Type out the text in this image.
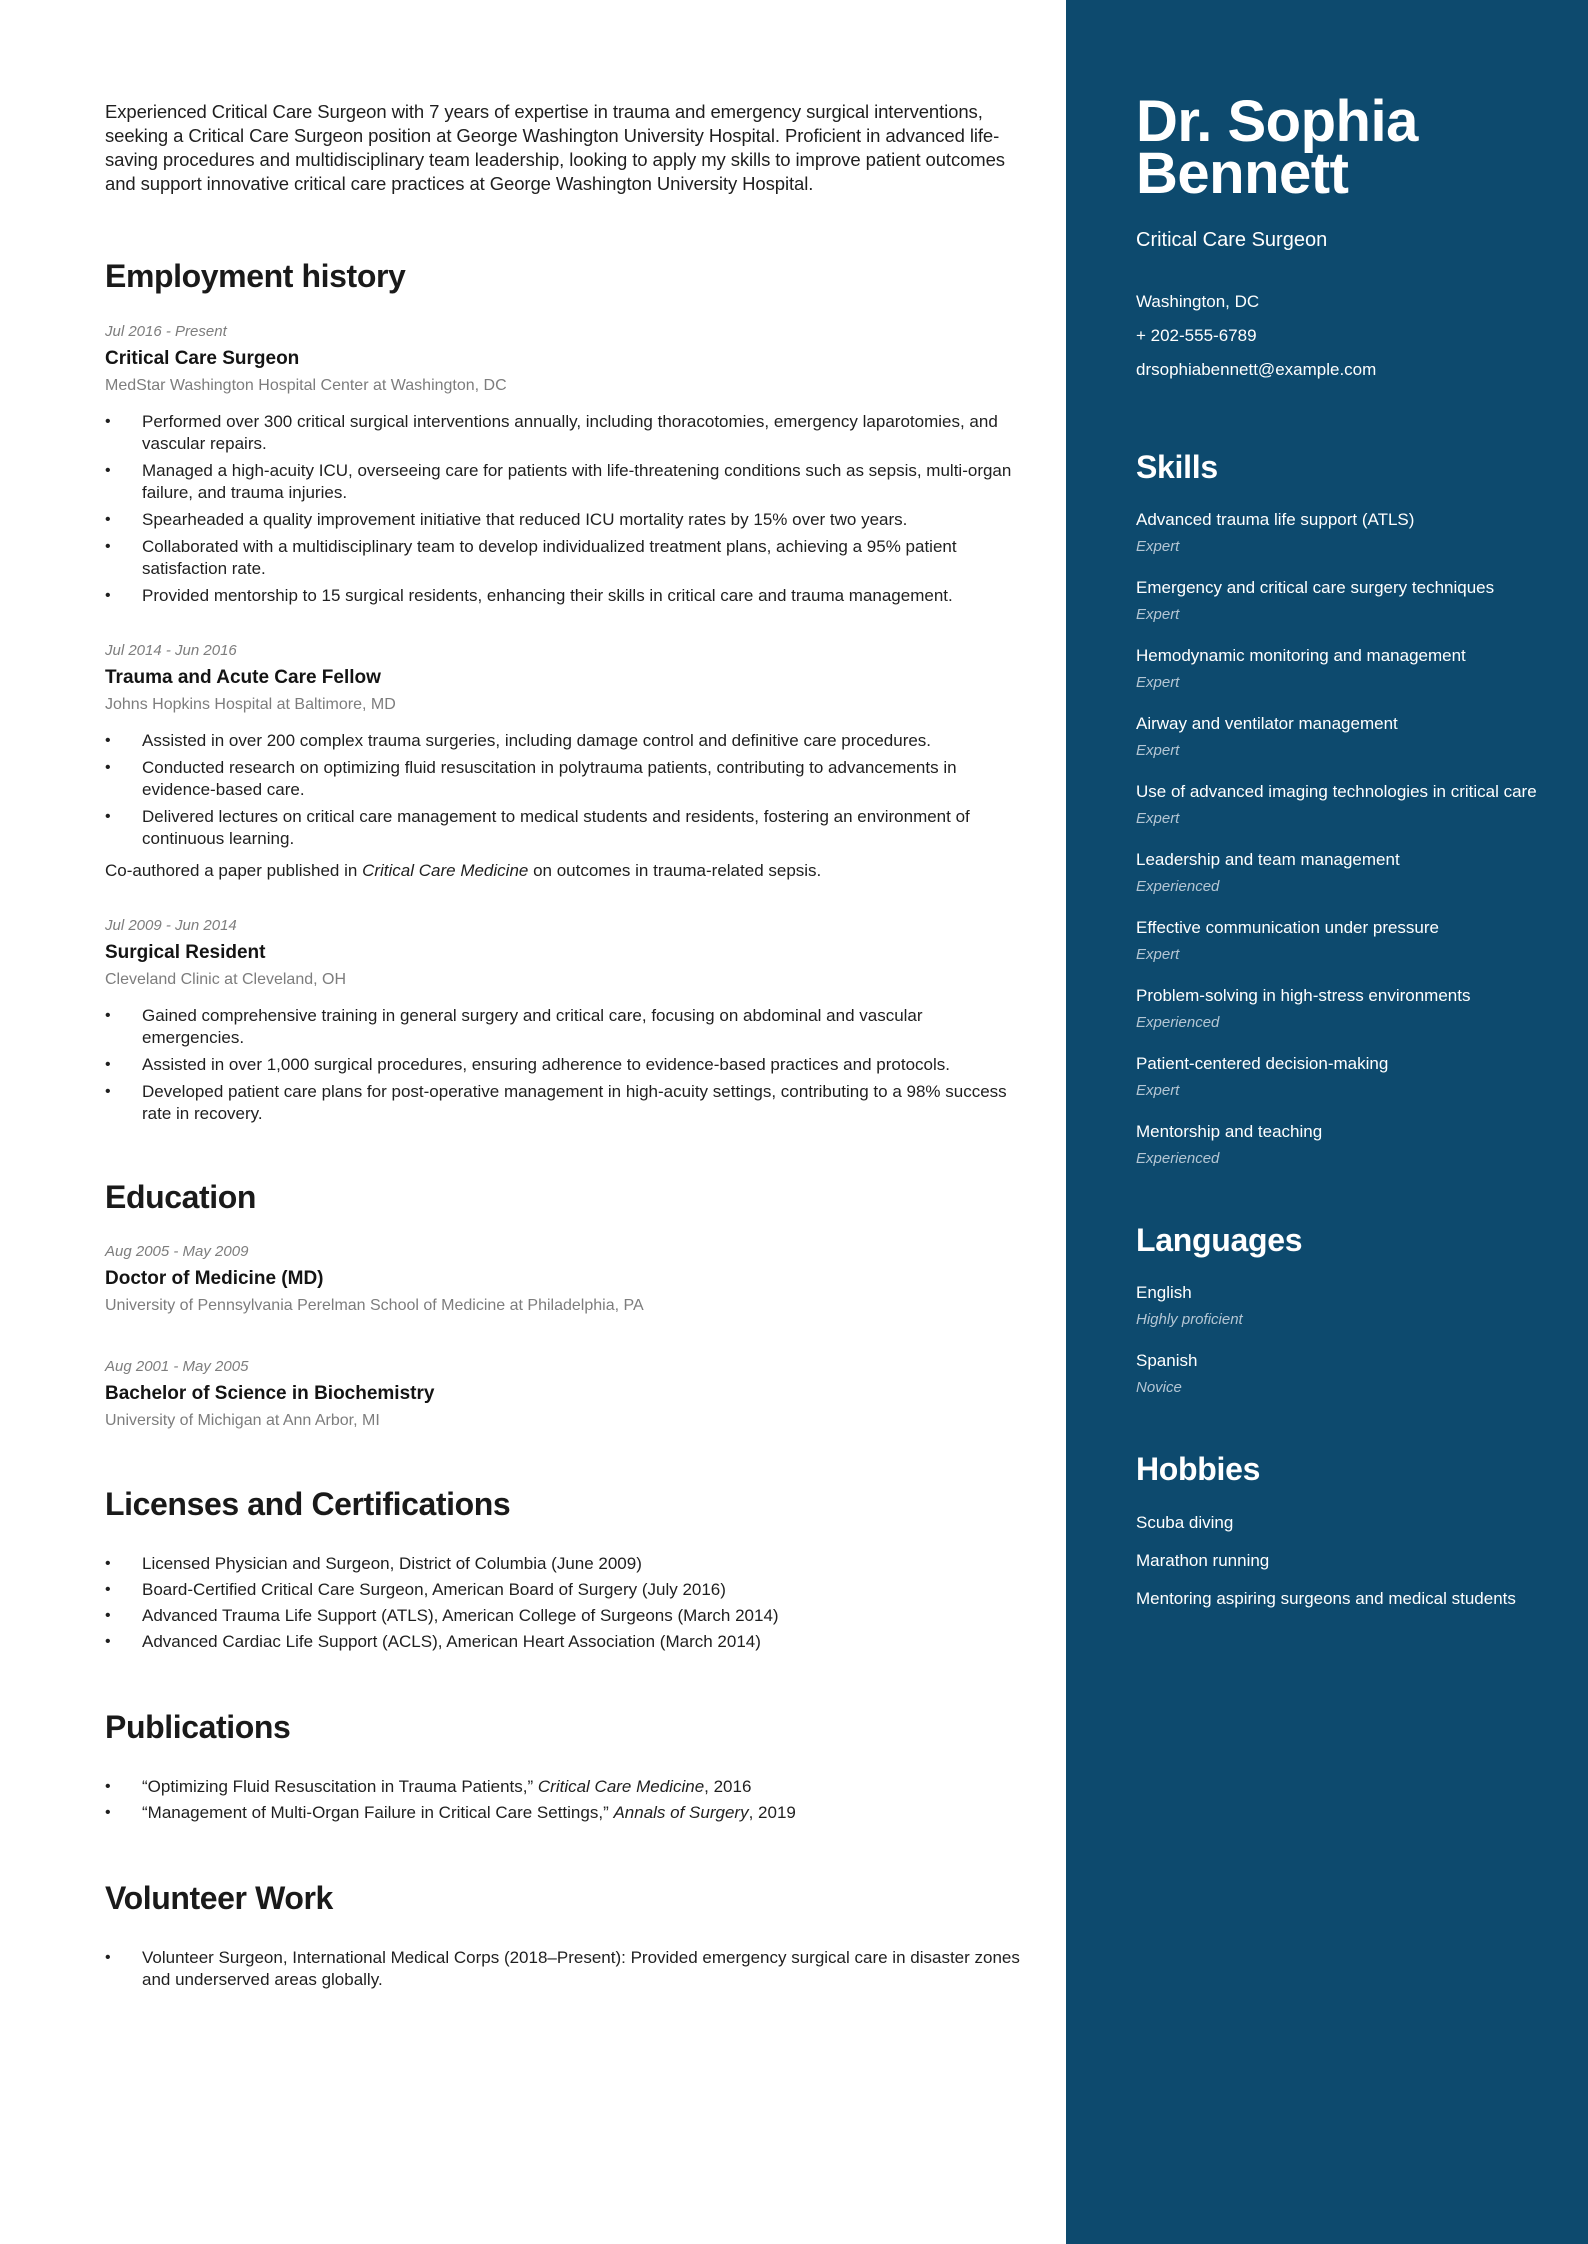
Experienced Critical Care Surgeon with 7 years of expertise in trauma and emergency surgical interventions, seeking a Critical Care Surgeon position at George Washington University Hospital. Proficient in advanced life-saving procedures and multidisciplinary team leadership, looking to apply my skills to improve patient outcomes and support innovative critical care practices at George Washington University Hospital.

Employment history
Jul 2016 - Present
Critical Care Surgeon
MedStar Washington Hospital Center at Washington, DC
• Performed over 300 critical surgical interventions annually, including thoracotomies, emergency laparotomies, and vascular repairs.
• Managed a high-acuity ICU, overseeing care for patients with life-threatening conditions such as sepsis, multi-organ failure, and trauma injuries.
• Spearheaded a quality improvement initiative that reduced ICU mortality rates by 15% over two years.
• Collaborated with a multidisciplinary team to develop individualized treatment plans, achieving a 95% patient satisfaction rate.
• Provided mentorship to 15 surgical residents, enhancing their skills in critical care and trauma management.
Jul 2014 - Jun 2016
Trauma and Acute Care Fellow
Johns Hopkins Hospital at Baltimore, MD
• Assisted in over 200 complex trauma surgeries, including damage control and definitive care procedures.
• Conducted research on optimizing fluid resuscitation in polytrauma patients, contributing to advancements in evidence-based care.
• Delivered lectures on critical care management to medical students and residents, fostering an environment of continuous learning.
Co-authored a paper published in Critical Care Medicine on outcomes in trauma-related sepsis.
Jul 2009 - Jun 2014
Surgical Resident
Cleveland Clinic at Cleveland, OH
• Gained comprehensive training in general surgery and critical care, focusing on abdominal and vascular emergencies.
• Assisted in over 1,000 surgical procedures, ensuring adherence to evidence-based practices and protocols.
• Developed patient care plans for post-operative management in high-acuity settings, contributing to a 98% success rate in recovery.
Education
Aug 2005 - May 2009
Doctor of Medicine (MD)
University of Pennsylvania Perelman School of Medicine at Philadelphia, PA
Aug 2001 - May 2005
Bachelor of Science in Biochemistry
University of Michigan at Ann Arbor, MI
Licenses and Certifications
• Licensed Physician and Surgeon, District of Columbia (June 2009)
• Board-Certified Critical Care Surgeon, American Board of Surgery (July 2016)
• Advanced Trauma Life Support (ATLS), American College of Surgeons (March 2014)
• Advanced Cardiac Life Support (ACLS), American Heart Association (March 2014)
Publications
• “Optimizing Fluid Resuscitation in Trauma Patients,” Critical Care Medicine, 2016
• “Management of Multi-Organ Failure in Critical Care Settings,” Annals of Surgery, 2019
Volunteer Work
• Volunteer Surgeon, International Medical Corps (2018–Present): Provided emergency surgical care in disaster zones and underserved areas globally.
Dr. Sophia
Bennett
Critical Care Surgeon
Washington, DC
+ 202-555-6789
drsophiabennett@example.com
Skills
Advanced trauma life support (ATLS)
Expert
Emergency and critical care surgery techniques
Expert
Hemodynamic monitoring and management
Expert
Airway and ventilator management
Expert
Use of advanced imaging technologies in critical care
Expert
Leadership and team management
Experienced
Effective communication under pressure
Expert
Problem-solving in high-stress environments
Experienced
Patient-centered decision-making
Expert
Mentorship and teaching
Experienced
Languages
English
Highly proficient
Spanish
Novice
Hobbies
Scuba diving
Marathon running
Mentoring aspiring surgeons and medical students
